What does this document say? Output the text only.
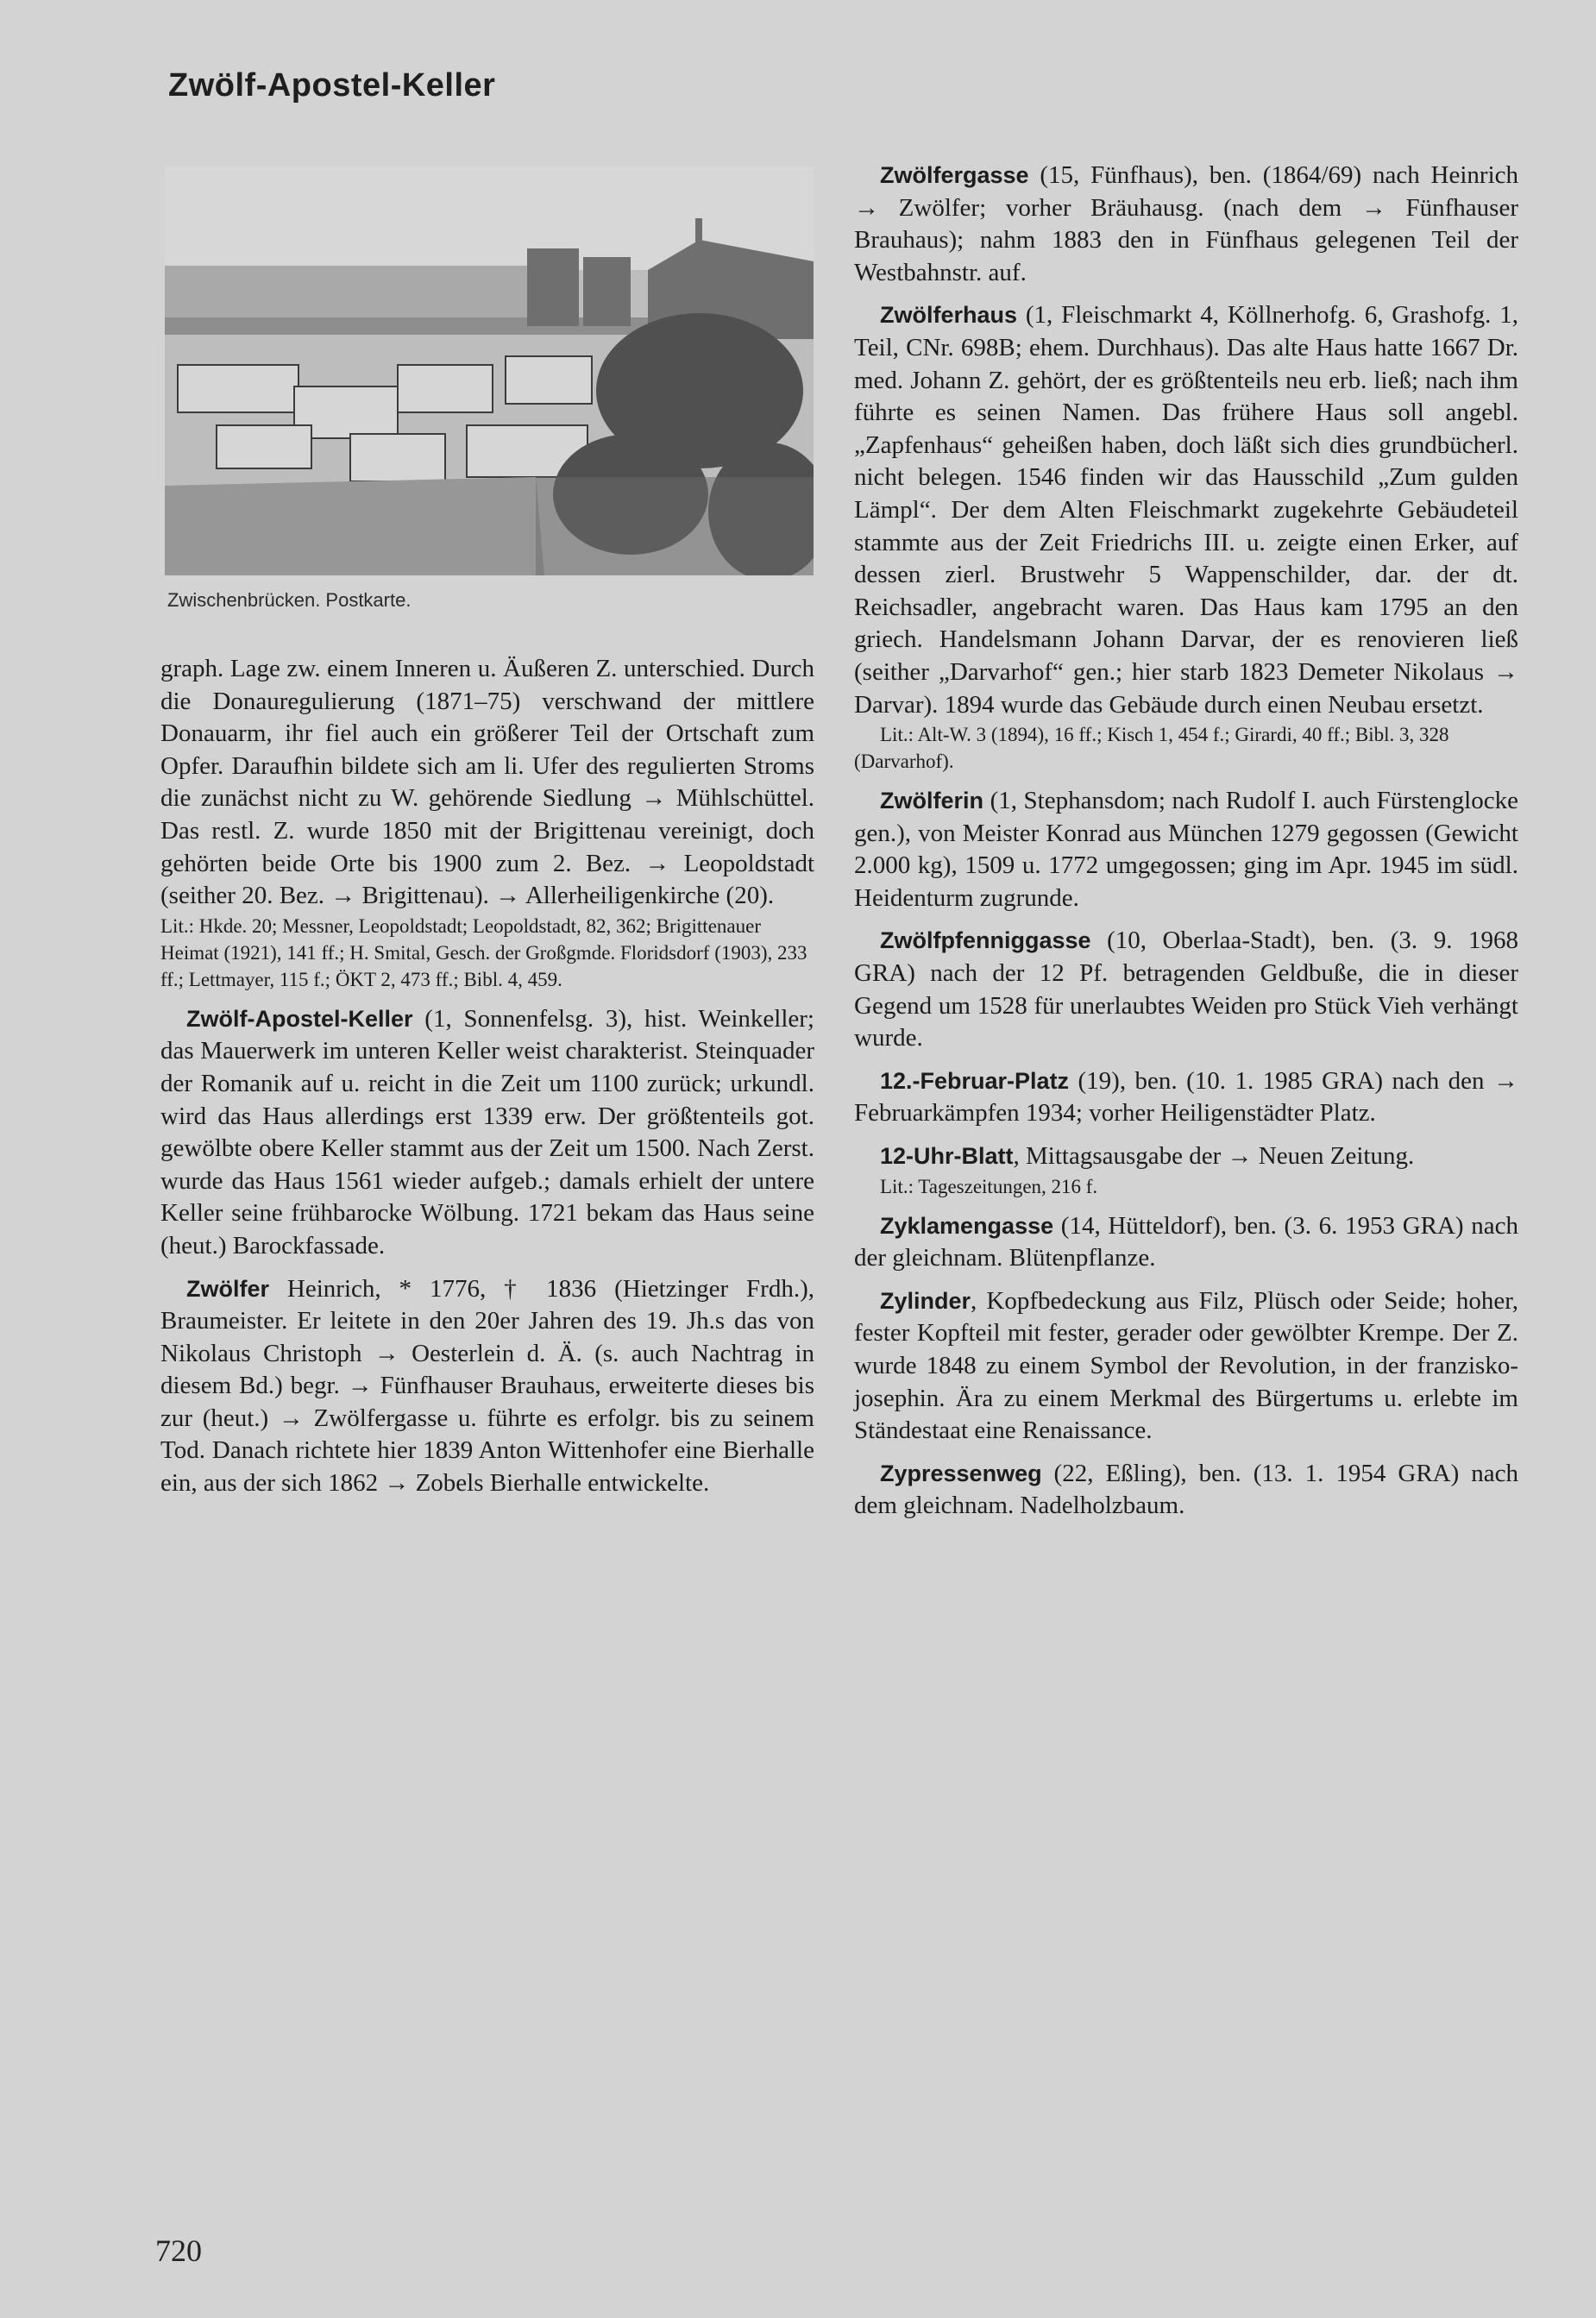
Zwölf-Apostel-Keller
Zwischenbrücken. Postkarte.

graph. Lage zw. einem Inneren u. Äußeren Z. unterschied. Durch die Donauregulierung (1871–75) verschwand der mittlere Donauarm, ihr fiel auch ein größerer Teil der Ortschaft zum Opfer. Daraufhin bildete sich am li. Ufer des regulierten Stroms die zunächst nicht zu W. gehörende Siedlung → Mühlschüttel. Das restl. Z. wurde 1850 mit der Brigittenau vereinigt, doch gehörten beide Orte bis 1900 zum 2. Bez. → Leopoldstadt (seither 20. Bez. → Brigittenau). → Allerheiligenkirche (20).

Lit.: Hkde. 20; Messner, Leopoldstadt; Leopoldstadt, 82, 362; Brigittenauer Heimat (1921), 141 ff.; H. Smital, Gesch. der Großgmde. Floridsdorf (1903), 233 ff.; Lettmayer, 115 f.; ÖKT 2, 473 ff.; Bibl. 4, 459.

Zwölf-Apostel-Keller (1, Sonnenfelsg. 3), hist. Weinkeller; das Mauerwerk im unteren Keller weist charakterist. Steinquader der Romanik auf u. reicht in die Zeit um 1100 zurück; urkundl. wird das Haus allerdings erst 1339 erw. Der größtenteils got. gewölbte obere Keller stammt aus der Zeit um 1500. Nach Zerst. wurde das Haus 1561 wieder aufgeb.; damals erhielt der untere Keller seine frühbarocke Wölbung. 1721 bekam das Haus seine (heut.) Barockfassade.
Zwölfer Heinrich, * 1776, † 1836 (Hietzinger Frdh.), Braumeister. Er leitete in den 20er Jahren des 19. Jh.s das von Nikolaus Christoph → Oesterlein d. Ä. (s. auch Nachtrag in diesem Bd.) begr. → Fünfhauser Brauhaus, erweiterte dieses bis zur (heut.) → Zwölfergasse u. führte es erfolgr. bis zu seinem Tod. Danach richtete hier 1839 Anton Wittenhofer eine Bierhalle ein, aus der sich 1862 → Zobels Bierhalle entwickelte.
Zwölfergasse (15, Fünfhaus), ben. (1864/69) nach Heinrich → Zwölfer; vorher Bräuhausg. (nach dem → Fünfhauser Brauhaus); nahm 1883 den in Fünfhaus gelegenen Teil der Westbahnstr. auf.
Zwölferhaus (1, Fleischmarkt 4, Köllnerhofg. 6, Grashofg. 1, Teil, CNr. 698B; ehem. Durchhaus). Das alte Haus hatte 1667 Dr. med. Johann Z. gehört, der es größtenteils neu erb. ließ; nach ihm führte es seinen Namen. Das frühere Haus soll angebl. „Zapfenhaus“ geheißen haben, doch läßt sich dies grundbücherl. nicht belegen. 1546 finden wir das Hausschild „Zum gulden Lämpl“. Der dem Alten Fleischmarkt zugekehrte Gebäudeteil stammte aus der Zeit Friedrichs III. u. zeigte einen Erker, auf dessen zierl. Brustwehr 5 Wappenschilder, dar. der dt. Reichsadler, angebracht waren. Das Haus kam 1795 an den griech. Handelsmann Johann Darvar, der es renovieren ließ (seither „Darvarhof“ gen.; hier starb 1823 Demeter Nikolaus → Darvar). 1894 wurde das Gebäude durch einen Neubau ersetzt.

Lit.: Alt-W. 3 (1894), 16 ff.; Kisch 1, 454 f.; Girardi, 40 ff.; Bibl. 3, 328 (Darvarhof).

Zwölferin (1, Stephansdom; nach Rudolf I. auch Fürstenglocke gen.), von Meister Konrad aus München 1279 gegossen (Gewicht 2.000 kg), 1509 u. 1772 umgegossen; ging im Apr. 1945 im südl. Heidenturm zugrunde.
Zwölfpfenniggasse (10, Oberlaa-Stadt), ben. (3. 9. 1968 GRA) nach der 12 Pf. betragenden Geldbuße, die in dieser Gegend um 1528 für unerlaubtes Weiden pro Stück Vieh verhängt wurde.
12.-Februar-Platz (19), ben. (10. 1. 1985 GRA) nach den → Februarkämpfen 1934; vorher Heiligenstädter Platz.
12-Uhr-Blatt, Mittagsausgabe der → Neuen Zeitung.

Lit.: Tageszeitungen, 216 f.

Zyklamengasse (14, Hütteldorf), ben. (3. 6. 1953 GRA) nach der gleichnam. Blütenpflanze.
Zylinder, Kopfbedeckung aus Filz, Plüsch oder Seide; hoher, fester Kopfteil mit fester, gerader oder gewölbter Krempe. Der Z. wurde 1848 zu einem Symbol der Revolution, in der franzisko-josephin. Ära zu einem Merkmal des Bürgertums u. erlebte im Ständestaat eine Renaissance.
Zypressenweg (22, Eßling), ben. (13. 1. 1954 GRA) nach dem gleichnam. Nadelholzbaum.
720
